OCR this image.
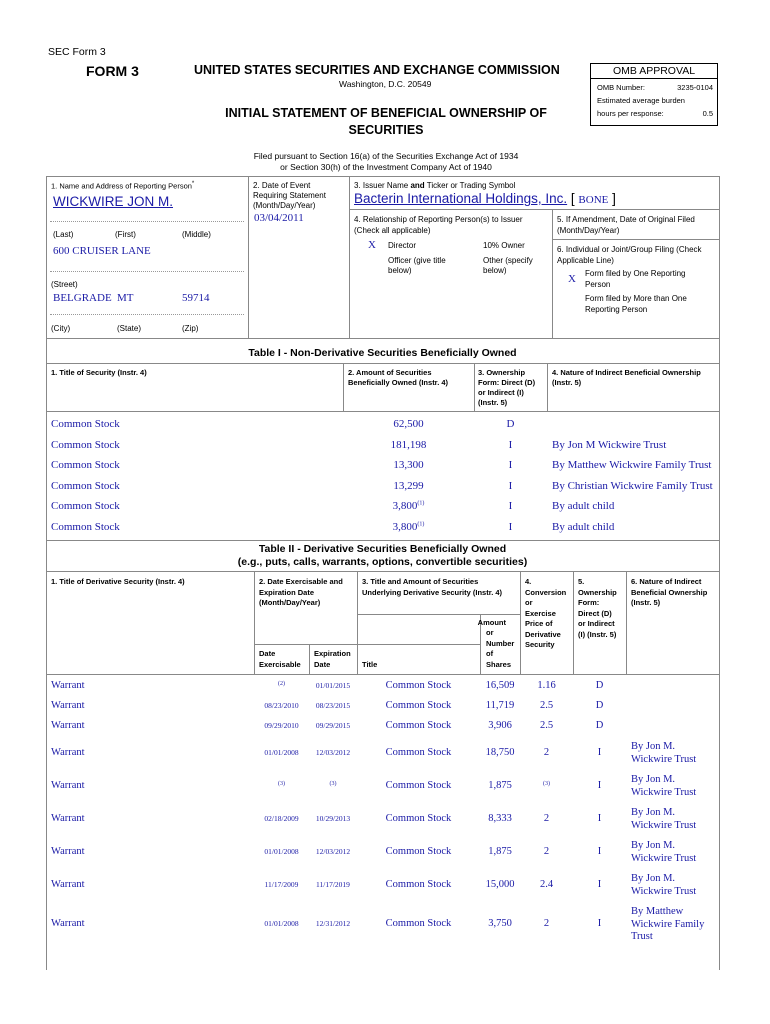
SEC Form 3
FORM 3	UNITED STATES SECURITIES AND EXCHANGE COMMISSION
Washington, D.C. 20549
INITIAL STATEMENT OF BENEFICIAL OWNERSHIP OF
SECURITIES
Filed pursuant to Section 16(a) of the Securities Exchange Act of 1934
or Section 30(h) of the Investment Company Act of 1940
OMB APPROVAL
OMB Number:	3235-0104
Estimated average burden
hours per response:	0.5
1. Name and Address of Reporting Person*
WICKWIRE JON M.
(Last)	(First)	(Middle)
600 CRUISER LANE
(Street)
BELGRADE MT	59714
(City)	(State)	(Zip)
2. Date of Event
Requiring Statement
(Month/Day/Year)
03/04/2011
3. Issuer Name and Ticker or Trading Symbol
Bacterin International Holdings, Inc. [ BONE ]
4. Relationship of Reporting Person(s) to Issuer
(Check all applicable)
X Director	10% Owner
Officer (give title
below)
Other (specify
below)
5. If Amendment, Date of Original Filed
(Month/Day/Year)
6. Individual or Joint/Group Filing (Check
Applicable Line)
X Form filed by One Reporting
Person
Form filed by More than One
Reporting Person
Table I - Non-Derivative Securities Beneficially Owned
1. Title of Security (Instr. 4)	2. Amount of Securities
Beneficially Owned (Instr. 4)
3. Ownership
Form: Direct (D)
or Indirect (I)
(Instr. 5)
4. Nature of Indirect Beneficial Ownership
(Instr. 5)
Common Stock	62,500	D
Common Stock	181,198	I	By Jon M Wickwire Trust
Common Stock	13,300	I	By Matthew Wickwire Family Trust
Common Stock	13,299	I	By Christian Wickwire Family Trust
Common Stock	3,800$^{(1)}$	I	By adult child
Common Stock	3,800$^{(1)}$	I	By adult child
Table II - Derivative Securities Beneficially Owned
(e.g., puts, calls, warrants, options, convertible securities)
1. Title of Derivative Security (Instr. 4)	2. Date Exercisable and
Expiration Date
(Month/Day/Year)
3. Title and Amount of Securities
Underlying Derivative Security (Instr. 4)
4.
Conversion
or
Exercise
Price of
Derivative
Security
5.
Ownership
Form:
Direct (D)
or Indirect
(I) (Instr. 5)
6. Nature of Indirect
Beneficial Ownership
(Instr. 5)
Amount
or
Number
of
Shares
Date
Exercisable
Expiration
Date	Title
Warrant	(2)	01/01/2015	Common Stock	16,509	1.16	D
Warrant	08/23/2010	08/23/2015	Common Stock	11,719	2.5	D
Warrant	09/29/2010	09/29/2015	Common Stock	3,906	2.5	D
Warrant	01/01/2008	12/03/2012	Common Stock	18,750	2	I
By Jon M.
Wickwire Trust
Warrant	(3)	(3)	Common Stock	1,875	(3)	I
By Jon M.
Wickwire Trust
Warrant	02/18/2009	10/29/2013	Common Stock	8,333	2	I
By Jon M.
Wickwire Trust
Warrant	01/01/2008	12/03/2012	Common Stock	1,875	2	I
By Jon M.
Wickwire Trust
Warrant	11/17/2009	11/17/2019	Common Stock	15,000	2.4	I
By Jon M.
Wickwire Trust
Warrant	01/01/2008	12/31/2012	Common Stock	3,750	2	I
By Matthew
Wickwire Family
Trust
